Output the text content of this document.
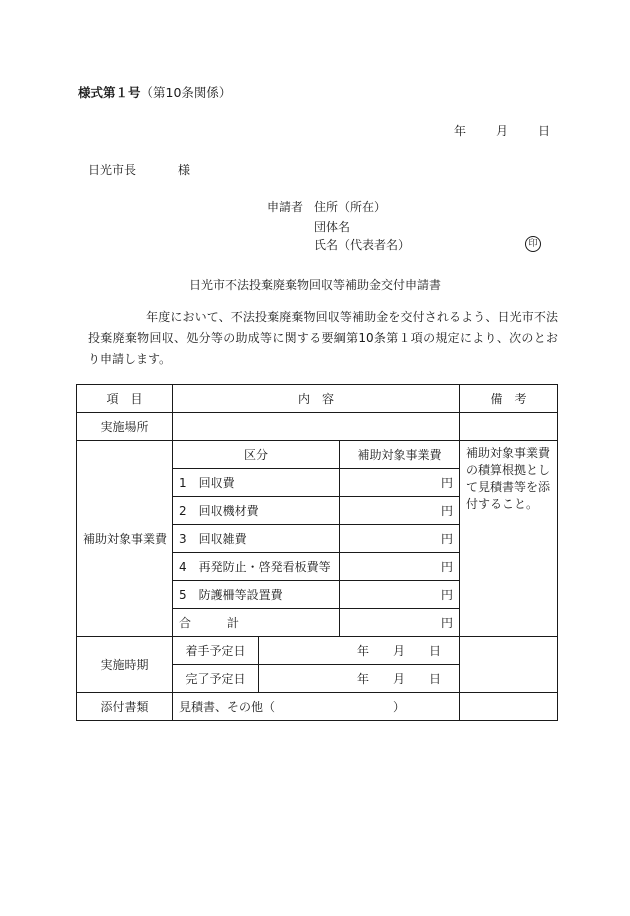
様式第１号（第10条関係）
年	月	日
日光市長	様
申請者 住所（所在）
団体名
氏名（代表者名）	印
日光市不法投棄廃棄物回収等補助金交付申請書
年度において、不法投棄廃棄物回収等補助金を交付されるよう、日光市不法投棄廃棄物回収、処分等の助成等に関する要綱第10条第１項の規定により、次のとおり申請します。
項　目	内　容			備　考
実施場所				
補助対象事業費	区分		補助対象事業費	補助対象事業費の積算根拠として見積書等を添付すること。
	1　回収費		円	
	2　回収機材費		円	
	3　回収雑費		円	
	4　再発防止・啓発看板費等		円	
	5　防護柵等設置費		円	
	合　　　計		円	
実施時期	着手予定日	年 月 日		
	完了予定日	年 月 日		
添付書類	見積書、その他（ ）			
